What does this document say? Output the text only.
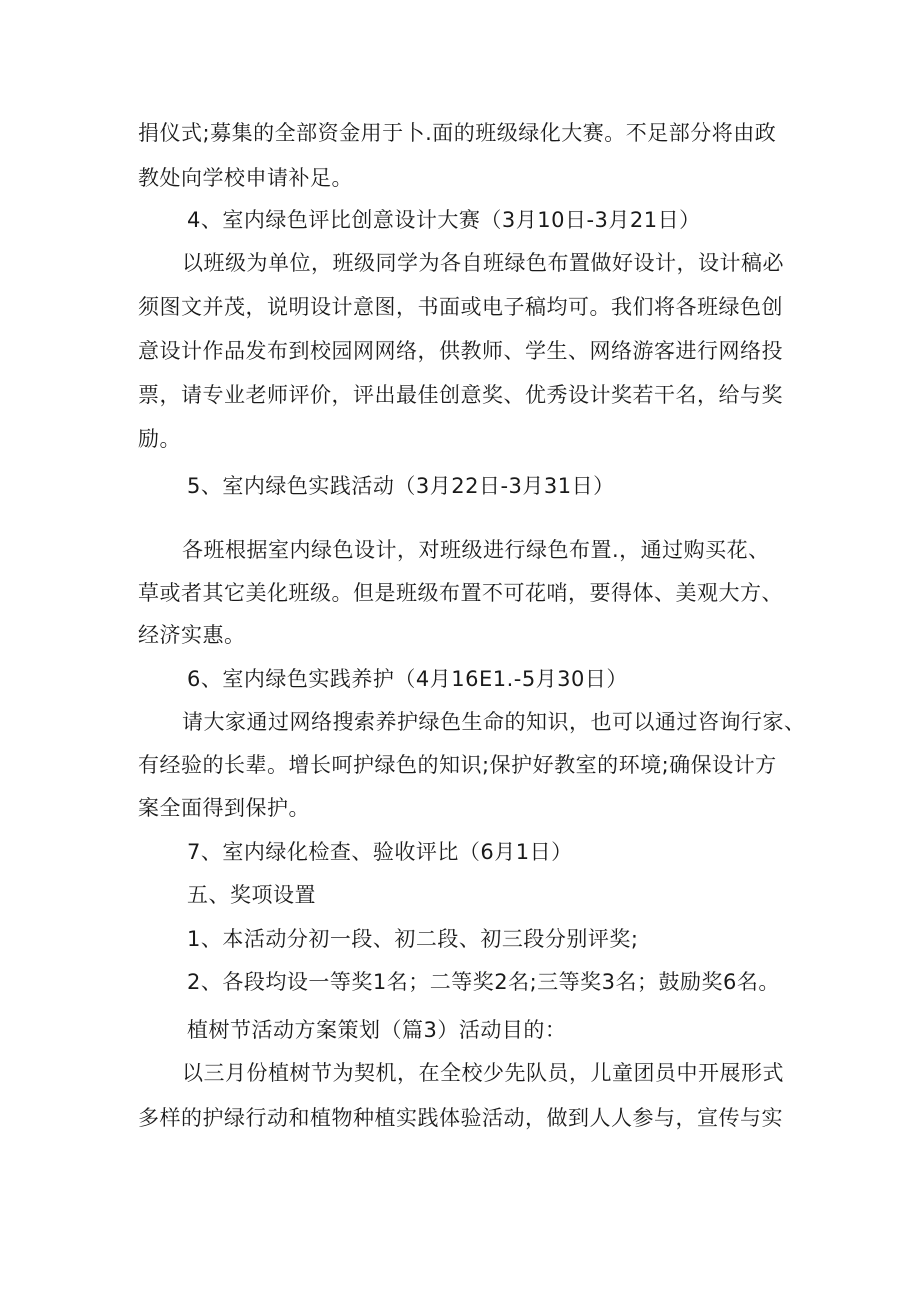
捐仪式;募集的全部资金用于卜.面的班级绿化大赛。不足部分将由政
教处向学校申请补足。
4、室内绿色评比创意设计大赛（3月10日-3月21日）
以班级为单位，班级同学为各自班绿色布置做好设计，设计稿必
须图文并茂，说明设计意图，书面或电子稿均可。我们将各班绿色创
意设计作品发布到校园网网络，供教师、学生、网络游客进行网络投
票，请专业老师评价，评出最佳创意奖、优秀设计奖若干名，给与奖
励。
5、室内绿色实践活动（3月22日-3月31日）
各班根据室内绿色设计，对班级进行绿色布置.，通过购买花、
草或者其它美化班级。但是班级布置不可花哨，要得体、美观大方、
经济实惠。
6、室内绿色实践养护（4月16E1.-5月30日）
请大家通过网络搜索养护绿色生命的知识，也可以通过咨询行家、
有经验的长辈。增长呵护绿色的知识;保护好教室的环境;确保设计方
案全面得到保护。
7、室内绿化检查、验收评比（6月1日）
五、奖项设置
1、本活动分初一段、初二段、初三段分别评奖;
2、各段均设一等奖1名；二等奖2名;三等奖3名；鼓励奖6名。
植树节活动方案策划（篇3）活动目的：
以三月份植树节为契机，在全校少先队员，儿童团员中开展形式
多样的护绿行动和植物种植实践体验活动，做到人人参与，宣传与实
